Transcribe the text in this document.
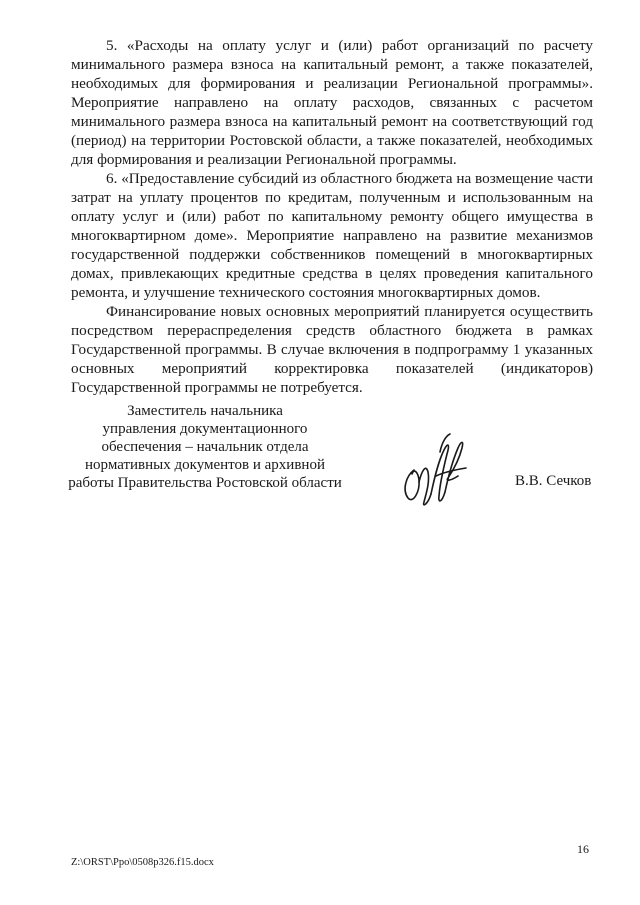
5. «Расходы на оплату услуг и (или) работ организаций по расчету минимального размера взноса на капитальный ремонт, а также показателей, необходимых для формирования и реализации Региональной программы». Мероприятие направлено на оплату расходов, связанных с расчетом минимального размера взноса на капитальный ремонт на соответствующий год (период) на территории Ростовской области, а также показателей, необходимых для формирования и реализации Региональной программы.

6. «Предоставление субсидий из областного бюджета на возмещение части затрат на уплату процентов по кредитам, полученным и использованным на оплату услуг и (или) работ по капитальному ремонту общего имущества в многоквартирном доме». Мероприятие направлено на развитие механизмов государственной поддержки собственников помещений в многоквартирных домах, привлекающих кредитные средства в целях проведения капитального ремонта, и улучшение технического состояния многоквартирных домов.

Финансирование новых основных мероприятий планируется осуществить посредством перераспределения средств областного бюджета в рамках Государственной программы. В случае включения в подпрограмму 1 указанных основных мероприятий корректировка показателей (индикаторов) Государственной программы не потребуется.

Заместитель начальника
управления документационного
обеспечения – начальник отдела
нормативных документов и архивной
работы Правительства Ростовской области	В.В. Сечков
16
Z:\ORST\Ppo\0508p326.f15.docx
